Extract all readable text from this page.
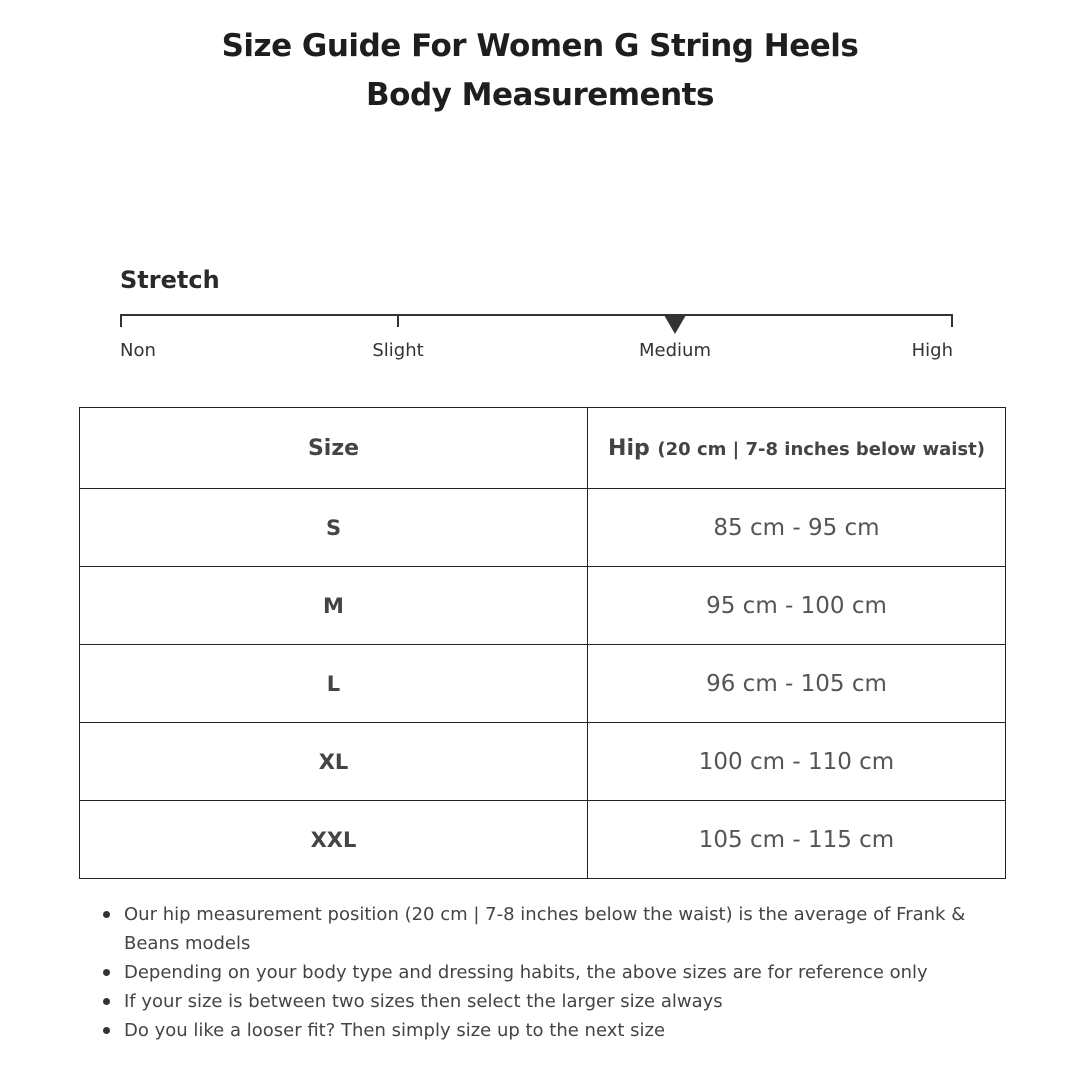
Size Guide For Women G String Heels
Body Measurements
Stretch
Non	Slight	Medium	High
Size	Hip (20 cm | 7-8 inches below waist)
S	85 cm - 95 cm
M	95 cm - 100 cm
L	96 cm - 105 cm
XL	100 cm - 110 cm
XXL	105 cm - 115 cm
Our hip measurement position (20 cm | 7-8 inches below the waist) is the average of Frank & Beans models
Depending on your body type and dressing habits, the above sizes are for reference only
If your size is between two sizes then select the larger size always
Do you like a looser fit? Then simply size up to the next size
